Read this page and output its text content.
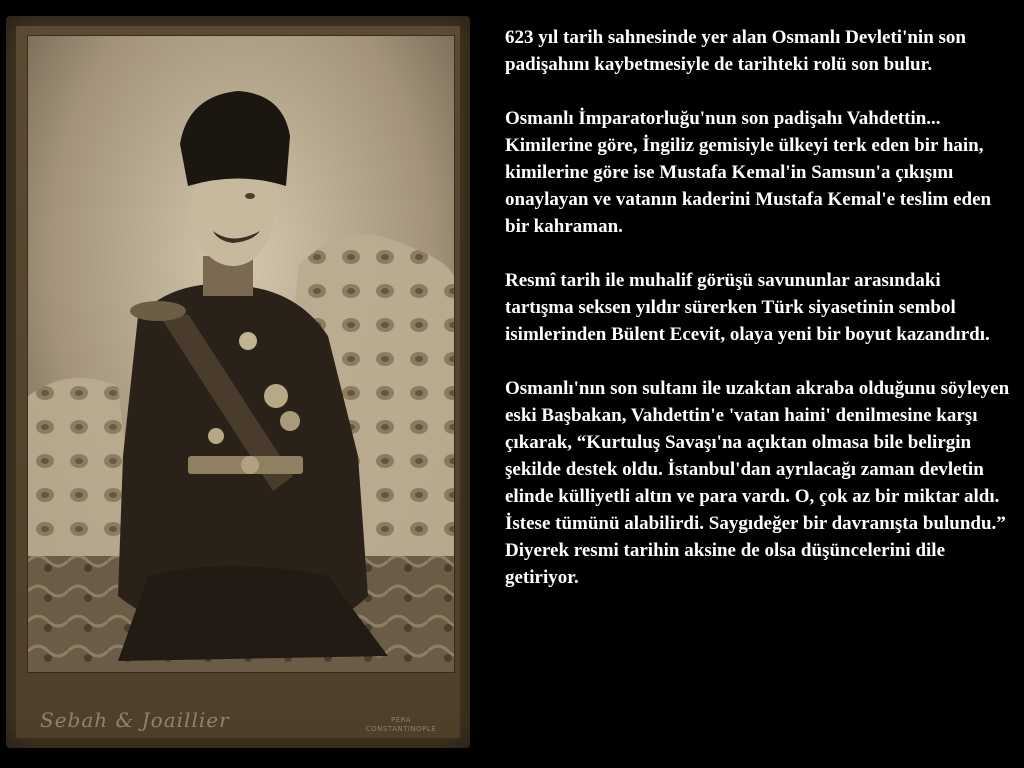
Sebah & Joaillier	PÉRA
CONSTANTINOPLE

623 yıl tarih sahnesinde yer alan Osmanlı Devleti'nin son padişahını kaybetmesiyle de tarihteki rolü son bulur.

Osmanlı İmparatorluğu'nun son padişahı Vahdettin... Kimilerine göre, İngiliz gemisiyle ülkeyi terk eden bir hain, kimilerine göre ise Mustafa Kemal'in Samsun'a çıkışını onaylayan ve vatanın kaderini Mustafa Kemal'e teslim eden bir kahraman.

Resmî tarih ile muhalif görüşü savununlar arasındaki tartışma seksen yıldır sürerken Türk siyasetinin sembol isimlerinden Bülent Ecevit, olaya yeni bir boyut kazandırdı.

Osmanlı'nın son sultanı ile uzaktan akraba olduğunu söyleyen eski Başbakan, Vahdettin'e 'vatan haini' denilmesine karşı çıkarak, “Kurtuluş Savaşı'na açıktan olmasa bile belirgin şekilde destek oldu. İstanbul'dan ayrılacağı zaman devletin elinde külliyetli altın ve para vardı. O, çok az bir miktar aldı. İstese tümünü alabilirdi. Saygıdeğer bir davranışta bulundu.” Diyerek resmi tarihin aksine de olsa düşüncelerini dile getiriyor.
